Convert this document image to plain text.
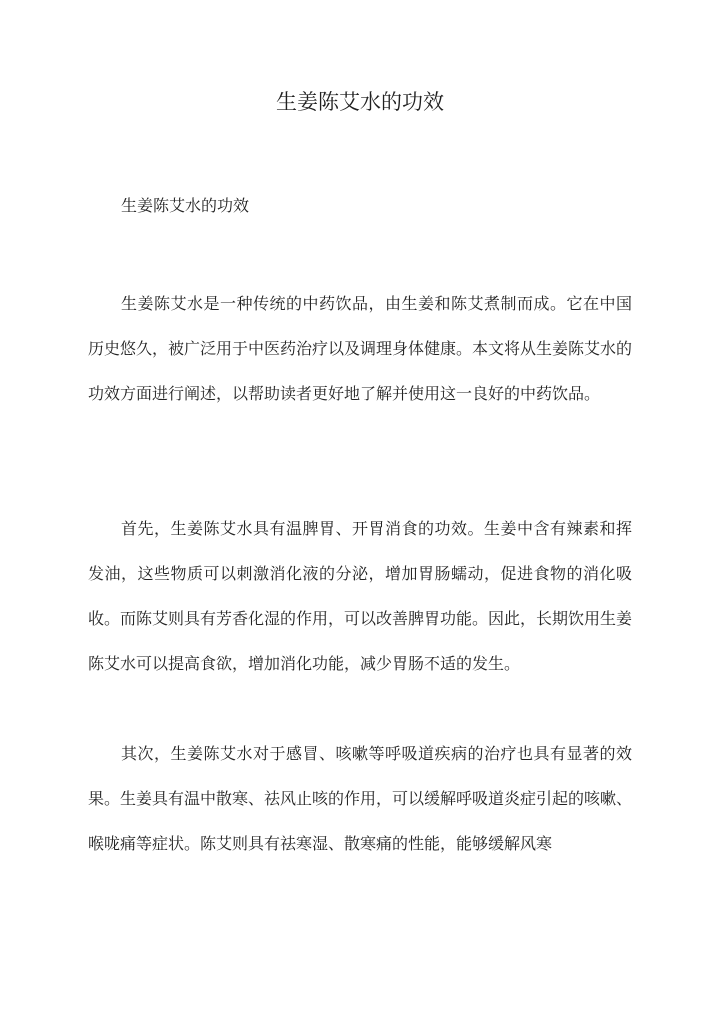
生姜陈艾水的功效

生姜陈艾水的功效

生姜陈艾水是一种传统的中药饮品，由生姜和陈艾煮制而成。它在中国历史悠久，被广泛用于中医药治疗以及调理身体健康。本文将从生姜陈艾水的功效方面进行阐述，以帮助读者更好地了解并使用这一良好的中药饮品。

首先，生姜陈艾水具有温脾胃、开胃消食的功效。生姜中含有辣素和挥发油，这些物质可以刺激消化液的分泌，增加胃肠蠕动，促进食物的消化吸收。而陈艾则具有芳香化湿的作用，可以改善脾胃功能。因此，长期饮用生姜陈艾水可以提高食欲，增加消化功能，减少胃肠不适的发生。

其次，生姜陈艾水对于感冒、咳嗽等呼吸道疾病的治疗也具有显著的效果。生姜具有温中散寒、祛风止咳的作用，可以缓解呼吸道炎症引起的咳嗽、喉咙痛等症状。陈艾则具有祛寒湿、散寒痛的性能，能够缓解风寒
